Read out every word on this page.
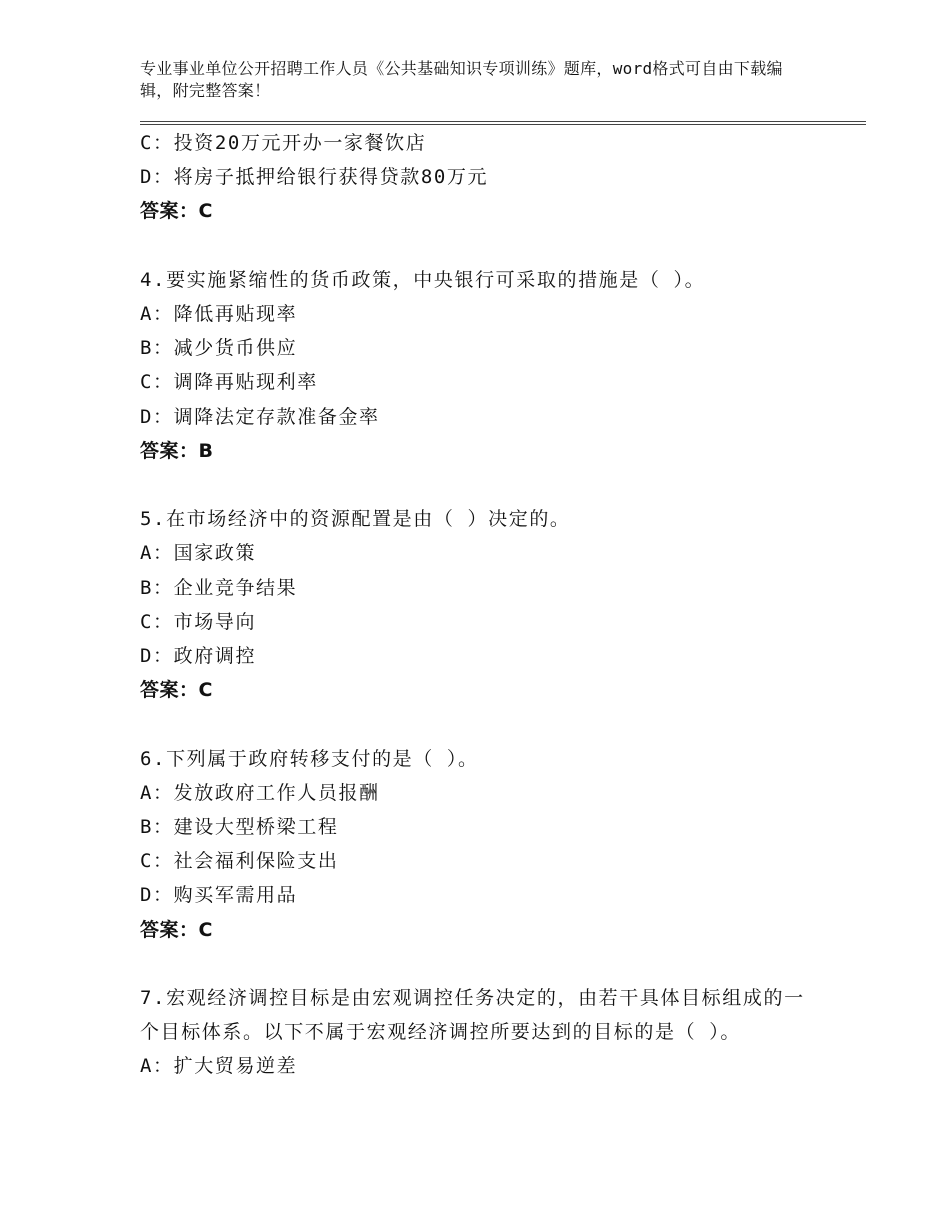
专业事业单位公开招聘工作人员《公共基础知识专项训练》题库，word格式可自由下载编辑，附完整答案！
C：投资20万元开办一家餐饮店
D：将房子抵押给银行获得贷款80万元
答案：C
4.要实施紧缩性的货币政策，中央银行可采取的措施是（ ）。
A：降低再贴现率
B：减少货币供应
C：调降再贴现利率
D：调降法定存款准备金率
答案：B
5.在市场经济中的资源配置是由（ ）决定的。
A：国家政策
B：企业竞争结果
C：市场导向
D：政府调控
答案：C
6.下列属于政府转移支付的是（ ）。
A：发放政府工作人员报酬
B：建设大型桥梁工程
C：社会福利保险支出
D：购买军需用品
答案：C
7.宏观经济调控目标是由宏观调控任务决定的，由若干具体目标组成的一个目标体系。以下不属于宏观经济调控所要达到的目标的是（ ）。
A：扩大贸易逆差
